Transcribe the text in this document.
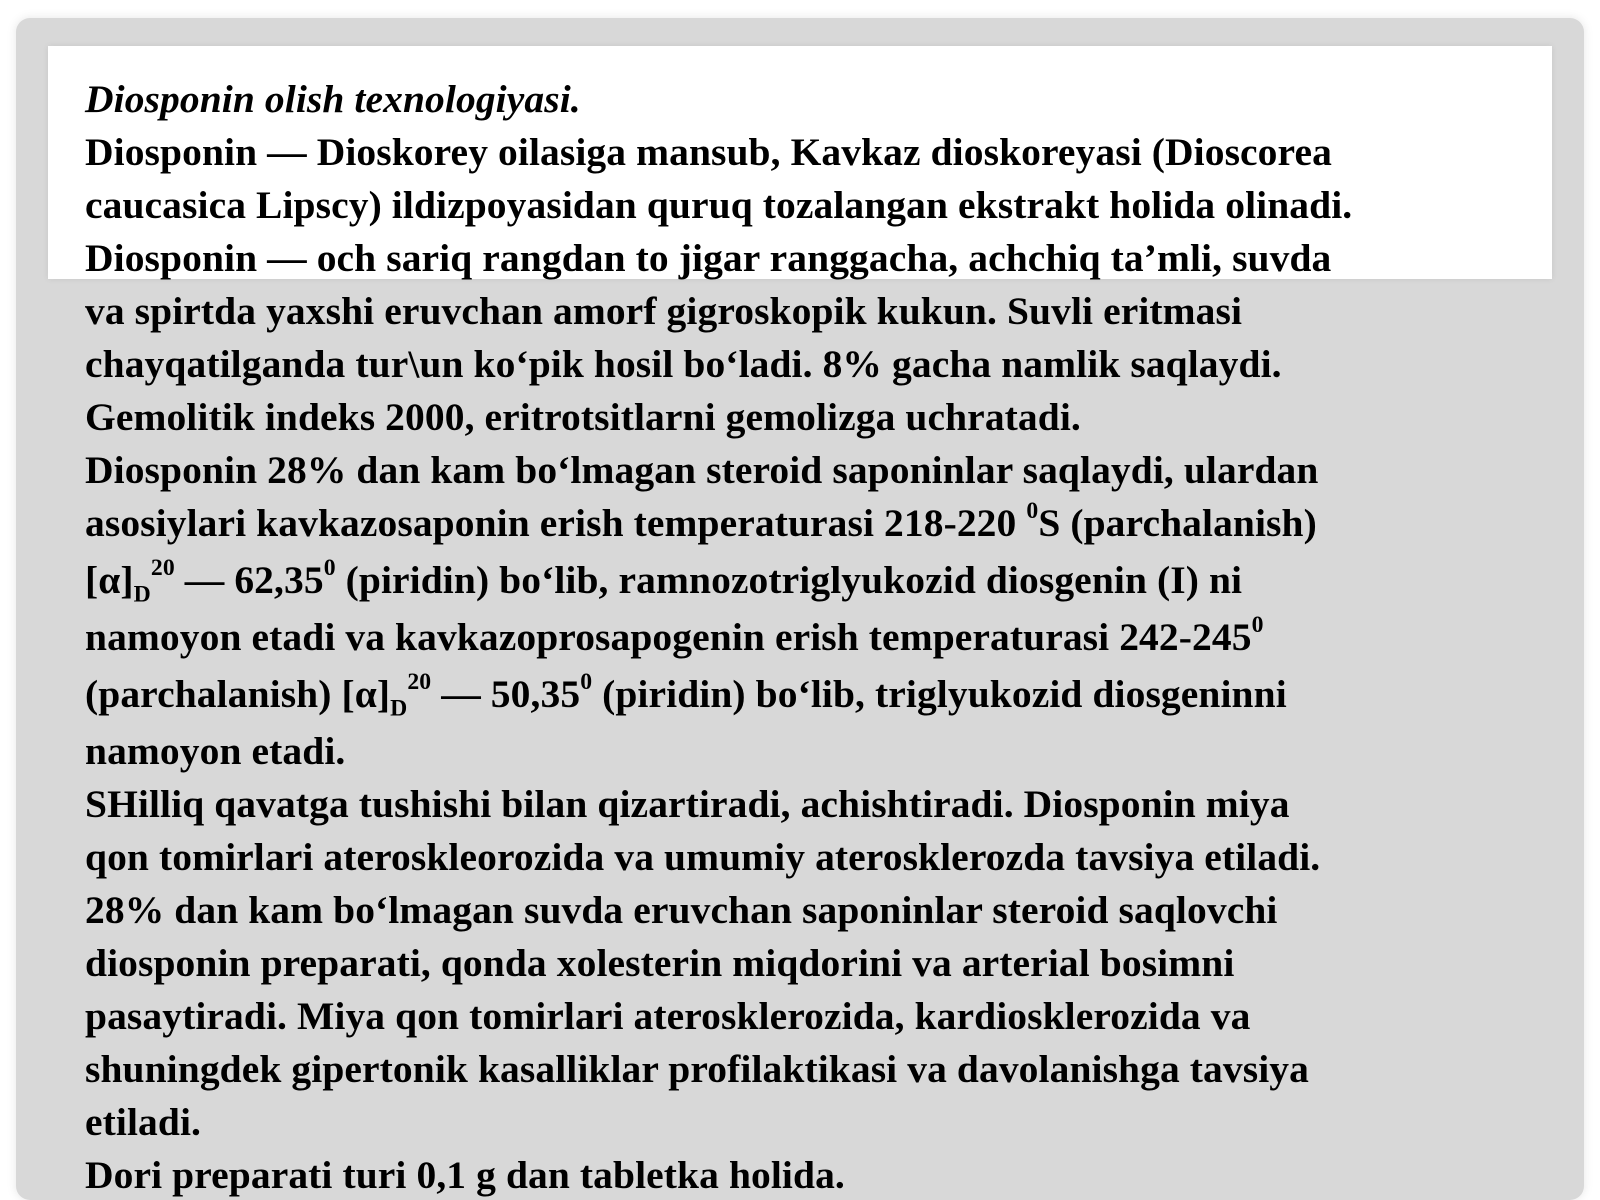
Diosponin olish texnologiyasi.
Diosponin — Dioskorey oilasiga mansub, Kavkaz dioskoreyasi (Dioscorea
caucasica Lipscy) ildizpoyasidan quruq tozalangan ekstrakt holida olinadi.
Diosponin — och sariq rangdan to jigar ranggacha, achchiq ta’mli, suvda
va spirtda yaxshi eruvchan amorf gigroskopik kukun. Suvli eritmasi
chayqatilganda tur\un ko‘pik hosil bo‘ladi. 8% gacha namlik saqlaydi.
Gemolitik indeks 2000, eritrotsitlarni gemolizga uchratadi.
Diosponin 28% dan kam bo‘lmagan steroid saponinlar saqlaydi, ulardan
asosiylari kavkazosaponin erish temperaturasi 218-220 $^0$S (parchalanish)
$[\alpha]_D^{20}$ — 62,35$^0$ (piridin) bo‘lib, ramnozotriglyukozid diosgenin (I) ni
namoyon etadi va kavkazoprosapogenin erish temperaturasi $242-245^0$
(parchalanish) $[\alpha]_D^{20}$ — 50,35$^0$ (piridin) bo‘lib, triglyukozid diosgeninni
namoyon etadi.
SHilliq qavatga tushishi bilan qizartiradi, achishtiradi. Diosponin miya
qon tomirlari ateroskleorozida va umumiy aterosklerozda tavsiya etiladi.
28% dan kam bo‘lmagan suvda eruvchan saponinlar steroid saqlovchi
diosponin preparati, qonda xolesterin miqdorini va arterial bosimni
pasaytiradi. Miya qon tomirlari aterosklerozida, kardiosklerozida va
shuningdek gipertonik kasalliklar profilaktikasi va davolanishga tavsiya
etiladi.
Dori preparati turi 0,1 g dan tabletka holida.
